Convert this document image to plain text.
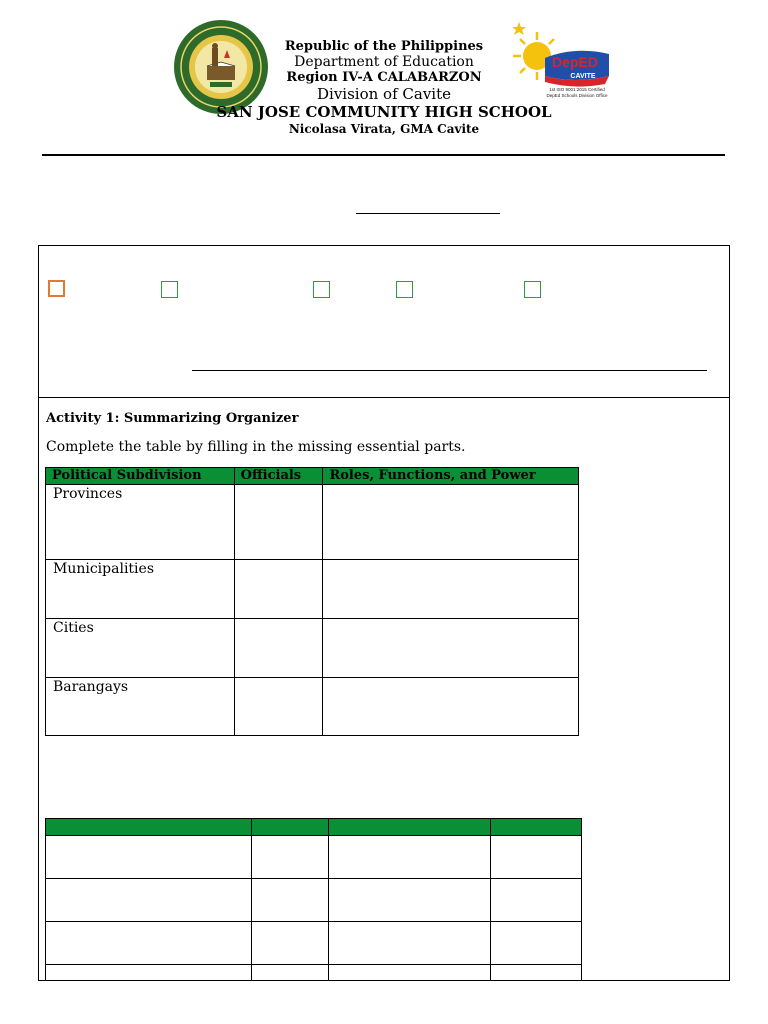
DepED
CAVITE
1st ISO 9001:2015 Certified
DepEd Schools Division Office
Republic of the Philippines
Department of Education
Region IV-A CALABARZON
Division of Cavite
SAN JOSE COMMUNITY HIGH SCHOOL
Nicolasa Virata, GMA Cavite
Activity 1: Summarizing Organizer
Complete the table by filling in the missing essential parts.
Political Subdivision	Officials	Roles, Functions, and Power
Provinces		
Municipalities		
Cities		
Barangays		
